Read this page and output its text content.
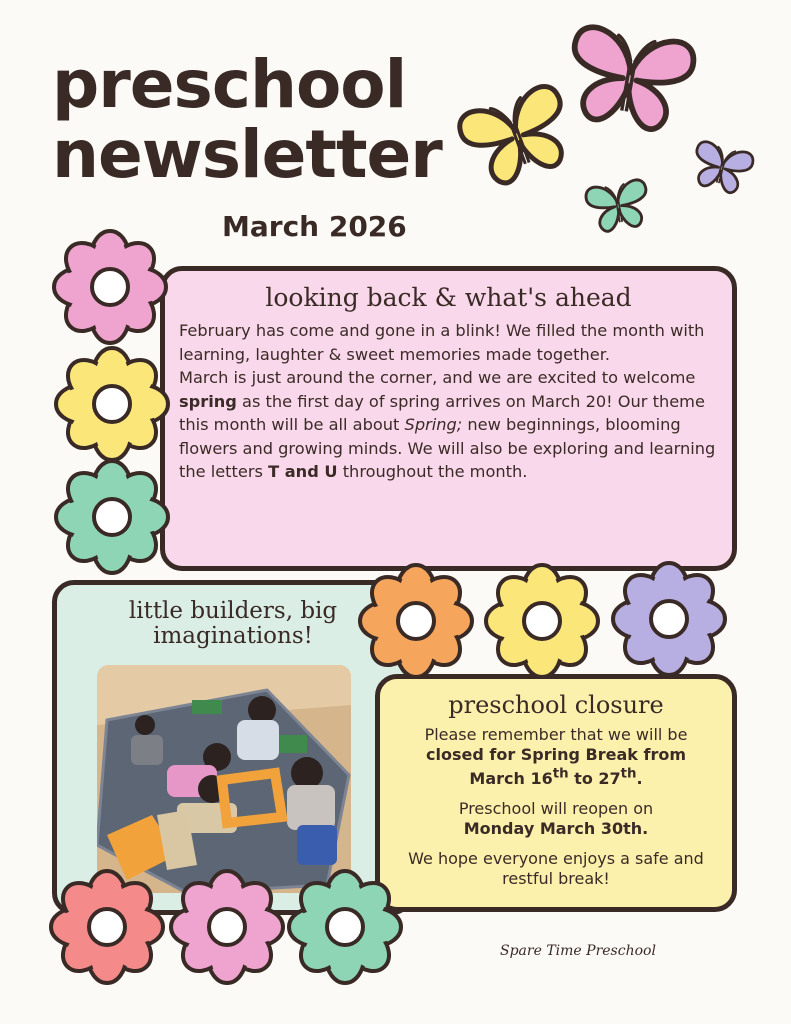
preschool
newsletter
March 2026
looking back & what's ahead

February has come and gone in a blink! We filled the month with learning, laughter & sweet memories made together.

March is just around the corner, and we are excited to welcome spring as the first day of spring arrives on March 20! Our theme this month will be all about Spring; new beginnings, blooming flowers and growing minds. We will also be exploring and learning the letters T and U throughout the month.

little builders, big imaginations!
preschool closure

Please remember that we will be

closed for Spring Break from

March 16th to 27th.

Preschool will reopen on

Monday March 30th.

We hope everyone enjoys a safe and restful break!

Spare Time Preschool
